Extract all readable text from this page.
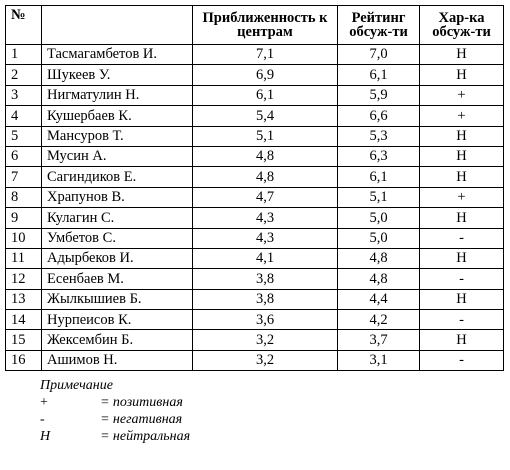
№		Приближенность к центрам	Рейтинг обсуж-ти	Хар-ка обсуж-ти
1	Тасмагамбетов И.	7,1	7,0	Н
2	Шукеев У.	6,9	6,1	Н
3	Нигматулин Н.	6,1	5,9	+
4	Кушербаев К.	5,4	6,6	+
5	Мансуров Т.	5,1	5,3	Н
6	Мусин А.	4,8	6,3	Н
7	Сагиндиков Е.	4,8	6,1	Н
8	Храпунов В.	4,7	5,1	+
9	Кулагин С.	4,3	5,0	Н
10	Умбетов С.	4,3	5,0	-
11	Адырбеков И.	4,1	4,8	Н
12	Есенбаев М.	3,8	4,8	-
13	Жылкышиев Б.	3,8	4,4	Н
14	Нурпеисов К.	3,6	4,2	-
15	Жексембин Б.	3,2	3,7	Н
16	Ашимов Н.	3,2	3,1	-
Примечание
+	= позитивная
-	= негативная
Н	= нейтральная
